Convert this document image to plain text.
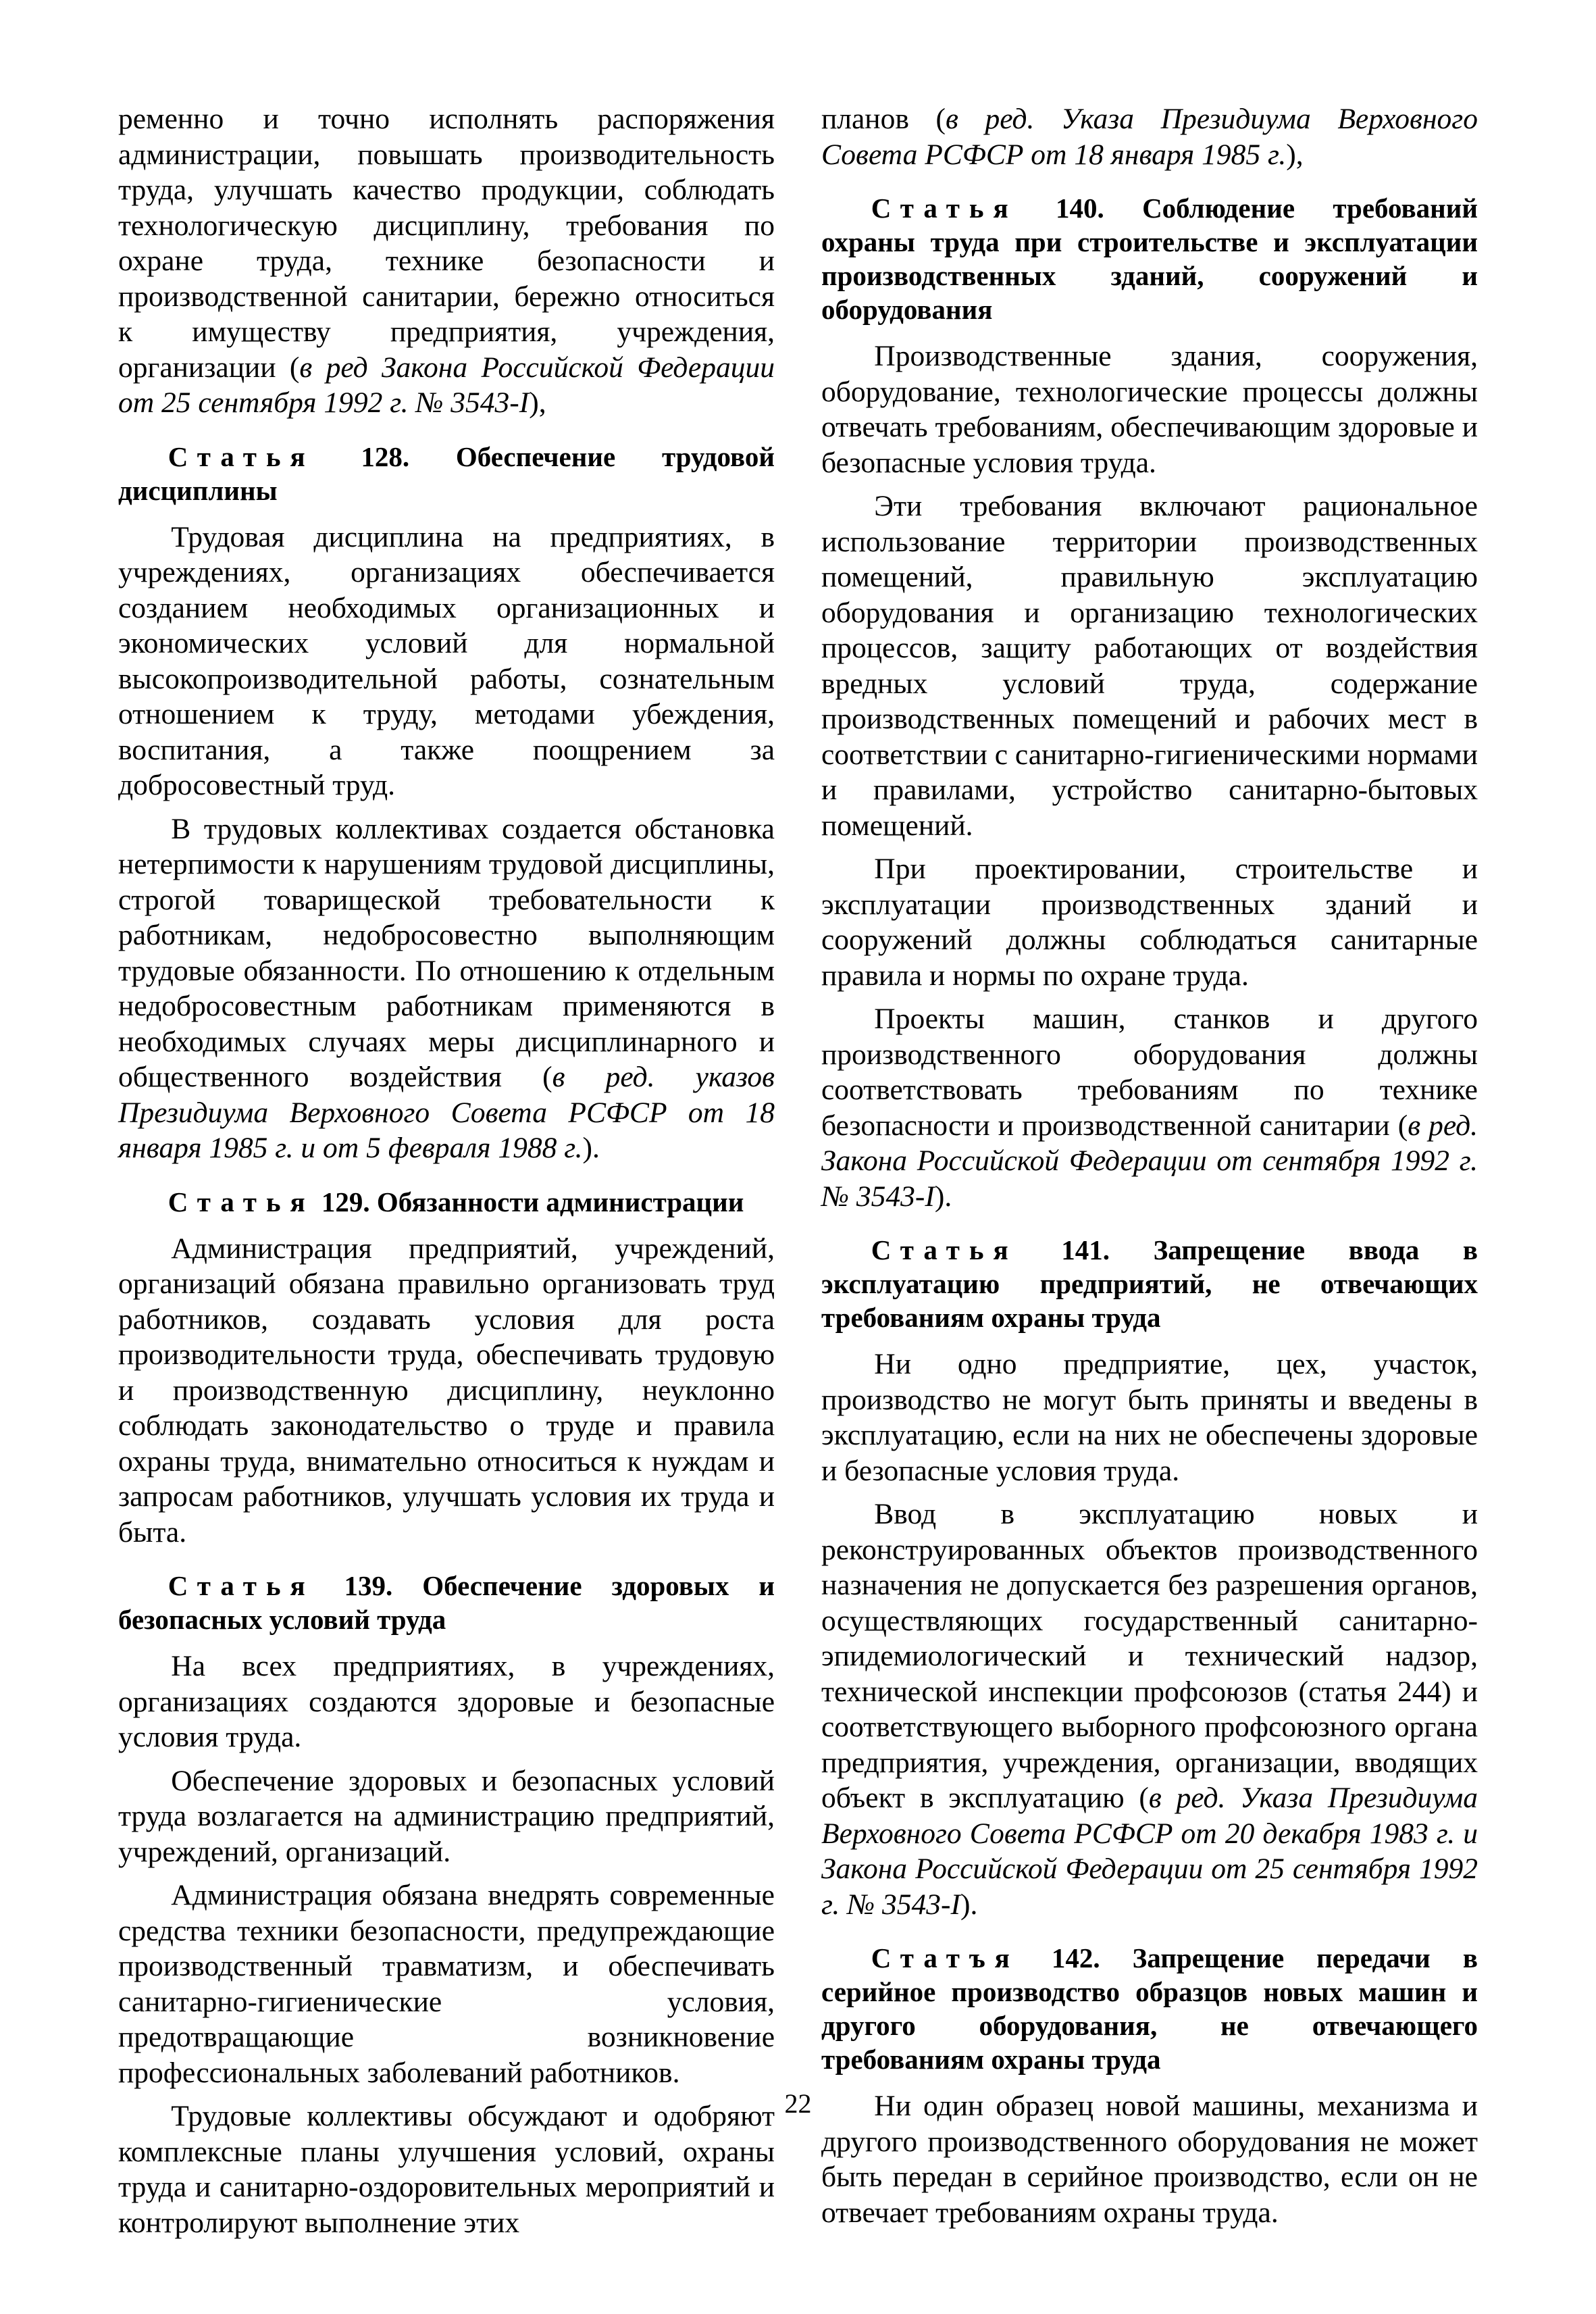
ременно и точно исполнять распоряжения администрации, повышать производительность труда, улучшать качество продукции, соблюдать технологическую дисциплину, требования по охране труда, технике безопасности и производственной санитарии, бережно относиться к имуществу предприятия, учреждения, организации (в ред Закона Российской Федерации от 25 сентября 1992 г. № 3543-I),

Статья 128. Обеспечение трудовой дисциплины

Трудовая дисциплина на предприятиях, в учреждениях, организациях обеспечивается созданием необходимых организационных и экономических условий для нормальной высокопроизводительной работы, сознательным отношением к труду, методами убеждения, воспитания, а также поощрением за добросовестный труд.

В трудовых коллективах создается обстановка нетерпимости к нарушениям трудовой дисциплины, строгой товарищеской требовательности к работникам, недобросовестно выполняющим трудовые обязанности. По отношению к отдельным недобросовестным работникам применяются в необходимых случаях меры дисциплинарного и общественного воздействия (в ред. указов Президиума Верховного Совета РСФСР от 18 января 1985 г. и от 5 февраля 1988 г.).

Статья 129. Обязанности администрации

Администрация предприятий, учреждений, организаций обязана правильно организовать труд работников, создавать условия для роста производительности труда, обеспечивать трудовую и производственную дисциплину, неуклонно соблюдать законодательство о труде и правила охраны труда, внимательно относиться к нуждам и запросам работников, улучшать условия их труда и быта.

Статья 139. Обеспечение здоровых и безопасных условий труда

На всех предприятиях, в учреждениях, организациях создаются здоровые и безопасные условия труда.

Обеспечение здоровых и безопасных условий труда возлагается на администрацию предприятий, учреждений, организаций.

Администрация обязана внедрять современные средства техники безопасности, предупреждающие производственный травматизм, и обеспечивать санитарно-гигиенические условия, предотвращающие возникновение профессиональных заболеваний работников.

Трудовые коллективы обсуждают и одобряют комплексные планы улучшения условий, охраны труда и санитарно-оздоровительных мероприятий и контролируют выполнение этих

планов (в ред. Указа Президиума Верховного Совета РСФСР от 18 января 1985 г.),

Статья 140. Соблюдение требований охраны труда при строительстве и эксплуатации производственных зданий, сооружений и оборудования

Производственные здания, сооружения, оборудование, технологические процессы должны отвечать требованиям, обеспечивающим здоровые и безопасные условия труда.

Эти требования включают рациональное использование территории производственных помещений, правильную эксплуатацию оборудования и организацию технологических процессов, защиту работающих от воздействия вредных условий труда, содержание производственных помещений и рабочих мест в соответствии с санитарно-гигиеническими нормами и правилами, устройство санитарно-бытовых помещений.

При проектировании, строительстве и эксплуатации производственных зданий и сооружений должны соблюдаться санитарные правила и нормы по охране труда.

Проекты машин, станков и другого производственного оборудования должны соответствовать требованиям по технике безопасности и производственной санитарии (в ред. Закона Российской Федерации от сентября 1992 г. № 3543-I).

Статья 141. Запрещение ввода в эксплуатацию предприятий, не отвечающих требованиям охраны труда

Ни одно предприятие, цех, участок, производство не могут быть приняты и введены в эксплуатацию, если на них не обеспечены здоровые и безопасные условия труда.

Ввод в эксплуатацию новых и реконструированных объектов производственного назначения не допускается без разрешения органов, осуществляющих государственный санитарно-эпидемиологический и технический надзор, технической инспекции профсоюзов (статья 244) и соответствующего выборного профсоюзного органа предприятия, учреждения, организации, вводящих объект в эксплуатацию (в ред. Указа Президиума Верховного Совета РСФСР от 20 декабря 1983 г. и Закона Российской Федерации от 25 сентября 1992 г. № 3543-I).

Статъя 142. Запрещение передачи в серийное производство образцов новых машин и другого оборудования, не отвечающего требованиям охраны труда

Ни один образец новой машины, механизма и другого производственного оборудования не может быть передан в серийное производство, если он не отвечает требованиям охраны труда.

22
